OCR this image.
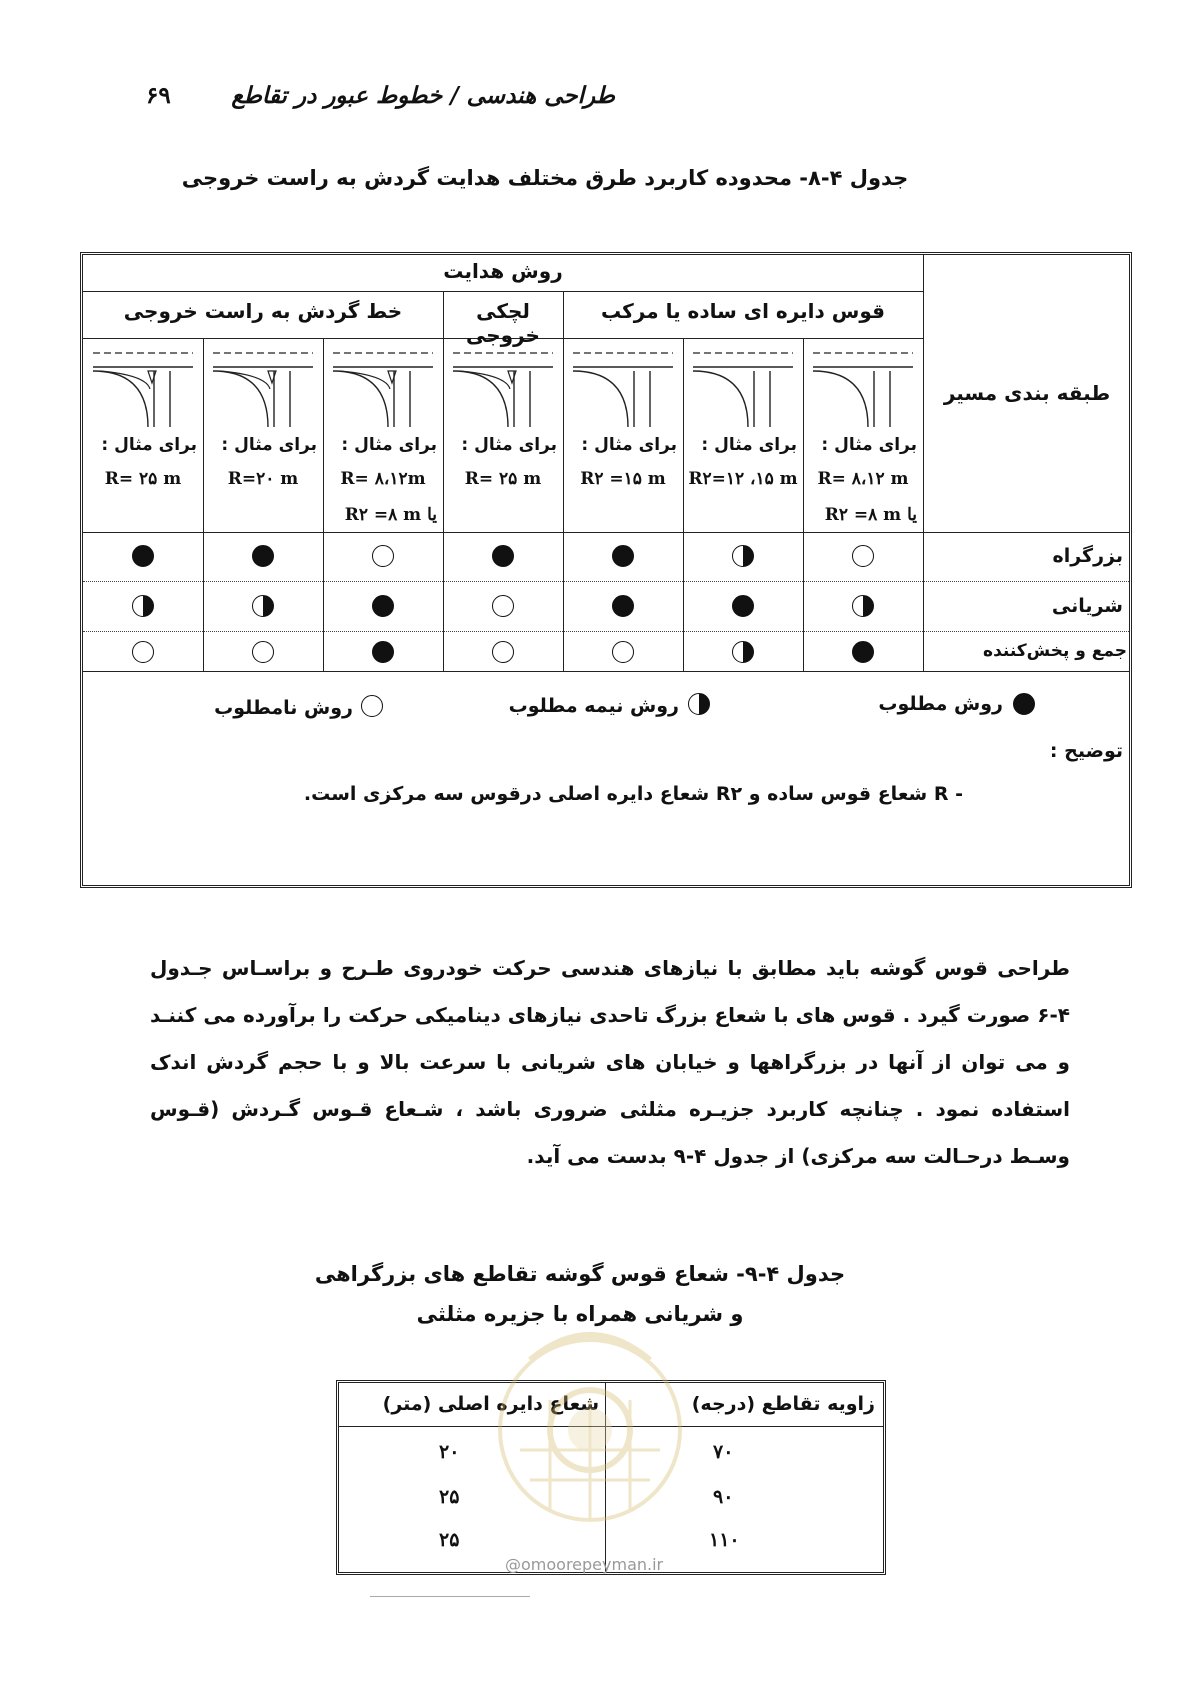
طراحی هندسی / خطوط عبور در تقاطع
۶۹
جدول ۴-۸- محدوده کاربرد طرق مختلف هدایت گردش به راست خروجی
روش هدایت
طبقه بندی مسیر
قوس دایره ای ساده یا مرکب
لچکی خروجی
خط گردش به راست خروجی
برای مثال :
R= ۸،۱۲ m
یا R۲ =۸ m
برای مثال :
R۲=۱۲ ،۱۵ m
برای مثال :
R۲ =۱۵ m
برای مثال :
R= ۲۵ m
برای مثال :
R= ۸،۱۲m
یا R۲ =۸ m
برای مثال :
R=۲۰ m
برای مثال :
R= ۲۵ m
بزرگراه
شریانی
جمع و پخش‌کننده
روش مطلوب
روش نیمه مطلوب
روش نامطلوب
توضیح :
- R شعاع قوس ساده و R۲ شعاع دایره اصلی درقوس سه مرکزی است.
طراحی قوس گوشه باید مطابق با نیازهای هندسی حرکت خودروی طـرح و براسـاس جـدول ۴-۶ صورت گیرد . قوس های با شعاع بزرگ تاحدی نیازهای دینامیکی حرکت را برآورده می کننـد و می توان از آنها در بزرگراهها و خیابان های شریانی با سرعت بالا و با حجم گردش اندک استفاده نمود . چنانچه کاربرد جزیـره مثلثی ضروری باشد ، شـعاع قـوس گـردش (قـوس وسـط درحـالت سه مرکزی) از جدول ۴-۹ بدست می آید.
جدول ۴-۹- شعاع قوس گوشه تقاطع های بزرگراهی
و شریانی همراه با جزیره مثلثی
زاویه تقاطع (درجه)
شعاع دایره اصلی (متر)
۷۰
۲۰
۹۰
۲۵
۱۱۰
۲۵
@omoorepeyman.ir
